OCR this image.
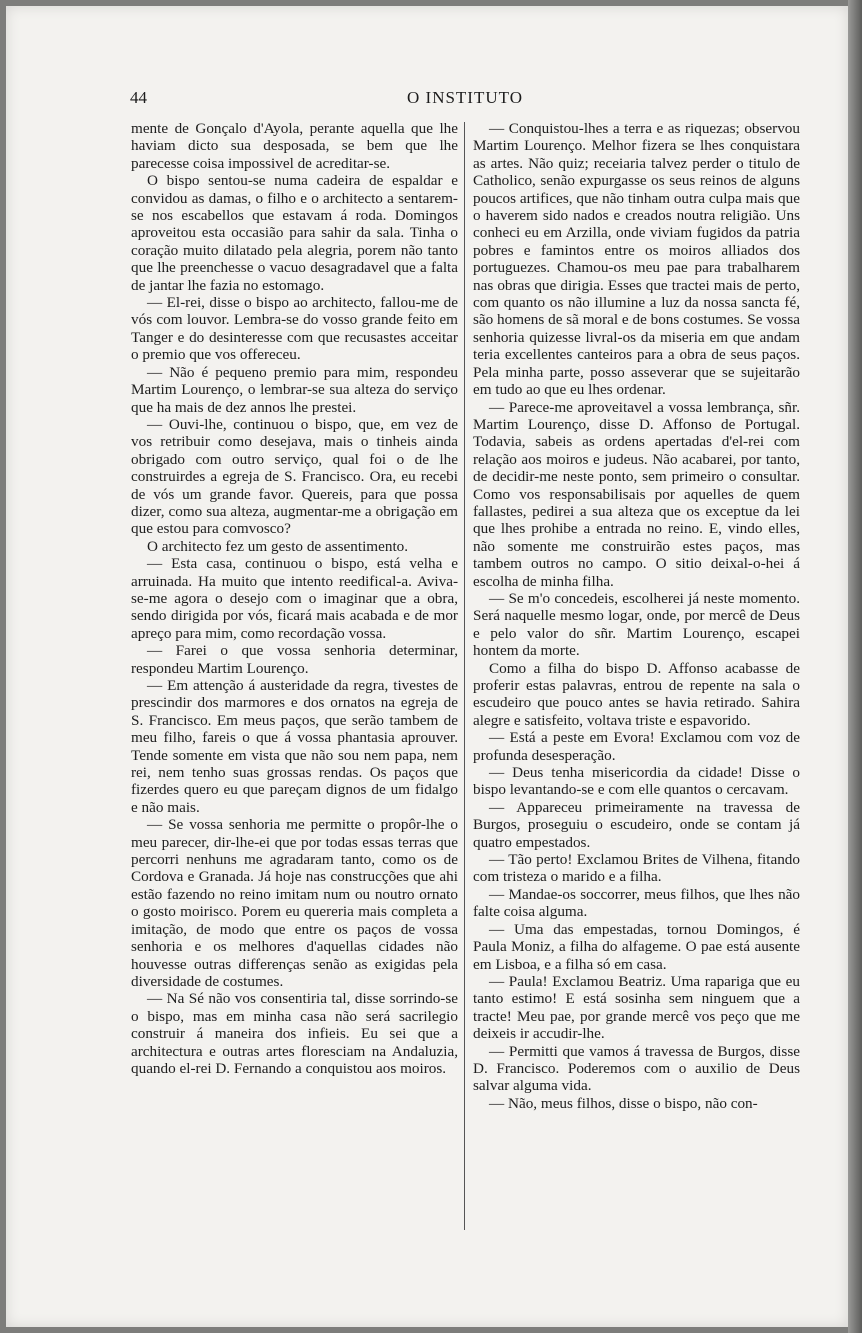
44	O INSTITUTO

mente de Gonçalo d'Ayola, perante aquella que lhe haviam dicto sua desposada, se bem que lhe parecesse coisa impossivel de acreditar-se.

O bispo sentou-se numa cadeira de espaldar e convidou as damas, o filho e o architecto a sentarem-se nos escabellos que estavam á roda. Domingos aproveitou esta occasião para sahir da sala. Tinha o coração muito dilatado pela alegria, porem não tanto que lhe preenchesse o vacuo desagradavel que a falta de jantar lhe fazia no estomago.

— El-rei, disse o bispo ao architecto, fallou-me de vós com louvor. Lembra-se do vosso grande feito em Tanger e do desinteresse com que recusastes acceitar o premio que vos offereceu.

— Não é pequeno premio para mim, respondeu Martim Lourenço, o lembrar-se sua alteza do serviço que ha mais de dez annos lhe prestei.

— Ouvi-lhe, continuou o bispo, que, em vez de vos retribuir como desejava, mais o tinheis ainda obrigado com outro serviço, qual foi o de lhe construirdes a egreja de S. Francisco. Ora, eu recebi de vós um grande favor. Quereis, para que possa dizer, como sua alteza, augmentar-me a obrigação em que estou para comvosco?

O architecto fez um gesto de assentimento.

— Esta casa, continuou o bispo, está velha e arruinada. Ha muito que intento reedifical-a. Aviva-se-me agora o desejo com o imaginar que a obra, sendo dirigida por vós, ficará mais acabada e de mor apreço para mim, como recordação vossa.

— Farei o que vossa senhoria determinar, respondeu Martim Lourenço.

— Em attenção á austeridade da regra, tivestes de prescindir dos marmores e dos ornatos na egreja de S. Francisco. Em meus paços, que serão tambem de meu filho, fareis o que á vossa phantasia aprouver. Tende somente em vista que não sou nem papa, nem rei, nem tenho suas grossas rendas. Os paços que fizerdes quero eu que pareçam dignos de um fidalgo e não mais.

— Se vossa senhoria me permitte o propôr-lhe o meu parecer, dir-lhe-ei que por todas essas terras que percorri nenhuns me agradaram tanto, como os de Cordova e Granada. Já hoje nas construcções que ahi estão fazendo no reino imitam num ou noutro ornato o gosto moirisco. Porem eu quereria mais completa a imitação, de modo que entre os paços de vossa senhoria e os melhores d'aquellas cidades não houvesse outras differenças senão as exigidas pela diversidade de costumes.

— Na Sé não vos consentiria tal, disse sorrindo-se o bispo, mas em minha casa não será sacrilegio construir á maneira dos infieis. Eu sei que a architectura e outras artes floresciam na Andaluzia, quando el-rei D. Fernando a conquistou aos moiros.

— Conquistou-lhes a terra e as riquezas; observou Martim Lourenço. Melhor fizera se lhes conquistara as artes. Não quiz; receiaria talvez perder o titulo de Catholico, senão expurgasse os seus reinos de alguns poucos artifices, que não tinham outra culpa mais que o haverem sido nados e creados noutra religião. Uns conheci eu em Arzilla, onde viviam fugidos da patria pobres e famintos entre os moiros alliados dos portuguezes. Chamou-os meu pae para trabalharem nas obras que dirigia. Esses que tractei mais de perto, com quanto os não illumine a luz da nossa sancta fé, são homens de sã moral e de bons costumes. Se vossa senhoria quizesse livral-os da miseria em que andam teria excellentes canteiros para a obra de seus paços. Pela minha parte, posso asseverar que se sujeitarão em tudo ao que eu lhes ordenar.

— Parece-me aproveitavel a vossa lembrança, sñr. Martim Lourenço, disse D. Affonso de Portugal. Todavia, sabeis as ordens apertadas d'el-rei com relação aos moiros e judeus. Não acabarei, por tanto, de decidir-me neste ponto, sem primeiro o consultar. Como vos responsabilisais por aquelles de quem fallastes, pedirei a sua alteza que os exceptue da lei que lhes prohibe a entrada no reino. E, vindo elles, não somente me construirão estes paços, mas tambem outros no campo. O sitio deixal-o-hei á escolha de minha filha.

— Se m'o concedeis, escolherei já neste momento. Será naquelle mesmo logar, onde, por mercê de Deus e pelo valor do sñr. Martim Lourenço, escapei hontem da morte.

Como a filha do bispo D. Affonso acabasse de proferir estas palavras, entrou de repente na sala o escudeiro que pouco antes se havia retirado. Sahira alegre e satisfeito, voltava triste e espavorido.

— Está a peste em Evora! Exclamou com voz de profunda desesperação.

— Deus tenha misericordia da cidade! Disse o bispo levantando-se e com elle quantos o cercavam.

— Appareceu primeiramente na travessa de Burgos, proseguiu o escudeiro, onde se contam já quatro empestados.

— Tão perto! Exclamou Brites de Vilhena, fitando com tristeza o marido e a filha.

— Mandae-os soccorrer, meus filhos, que lhes não falte coisa alguma.

— Uma das empestadas, tornou Domingos, é Paula Moniz, a filha do alfageme. O pae está ausente em Lisboa, e a filha só em casa.

— Paula! Exclamou Beatriz. Uma rapariga que eu tanto estimo! E está sosinha sem ninguem que a tracte! Meu pae, por grande mercê vos peço que me deixeis ir accudir-lhe.

— Permitti que vamos á travessa de Burgos, disse D. Francisco. Poderemos com o auxilio de Deus salvar alguma vida.

— Não, meus filhos, disse o bispo, não con-
